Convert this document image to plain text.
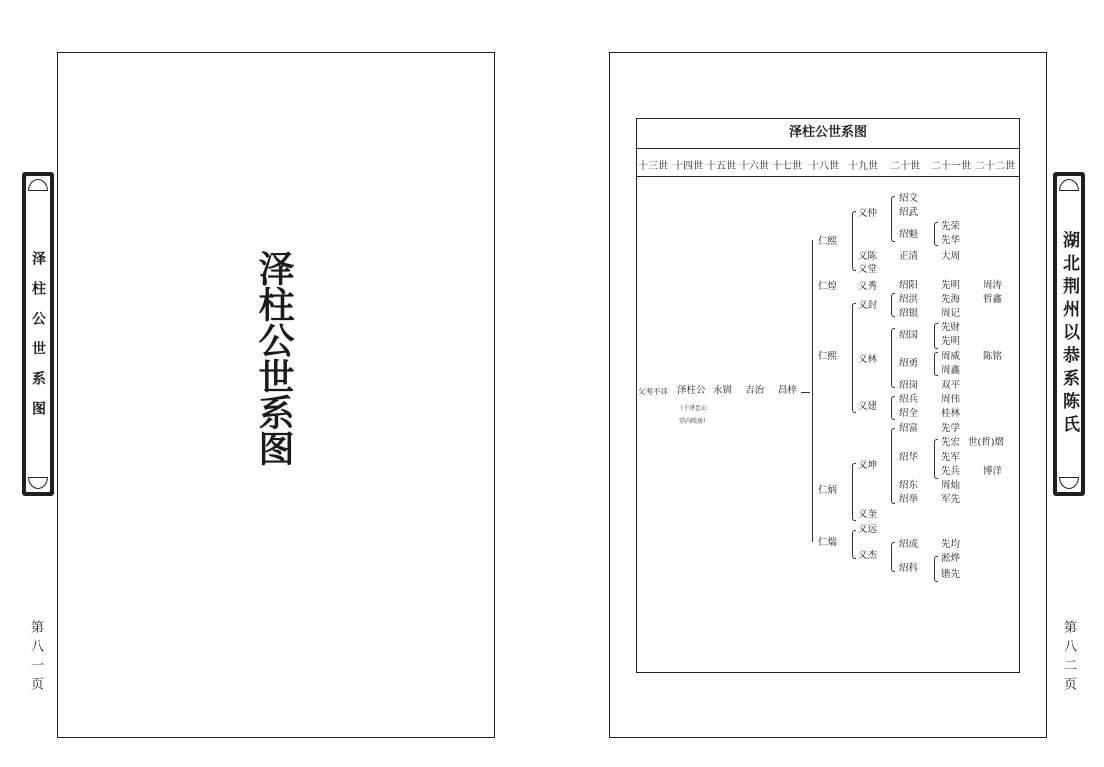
泽柱公世系图
泽柱公世系图
第八一页
泽柱公世系图
十三世 十四世 十五世 十六世 十七世 十八世 十九世 二十世 二十一世 二十二世
父考不详 泽柱公
（于泽忠公
堂内续房）
永钏 吉治 昌梓
仁熙
仁煌
仁熙
仁炳
仁煓
义仲
义陈
义堂
义秀
义封
义林
义建
义坤
义奎
义远
义杰
绍文
绍武
绍魁
正清
绍阳
绍洪
绍银
绍国
绍勇
绍岗
绍兵
绍全
绍富
绍华
绍东
绍举
绍成
绍科
先荣
先华
大周
先明
先海
周记
先财
先明
周威
周鑫
双平
周伟
桂林
先学
先宏
先军
先兵
周灿
军先
先均
淞烨
锴先
周涛
哲鑫
陈铭
世(哲)熠
博洋
湖北荆州以恭系陈氏
第八二页
